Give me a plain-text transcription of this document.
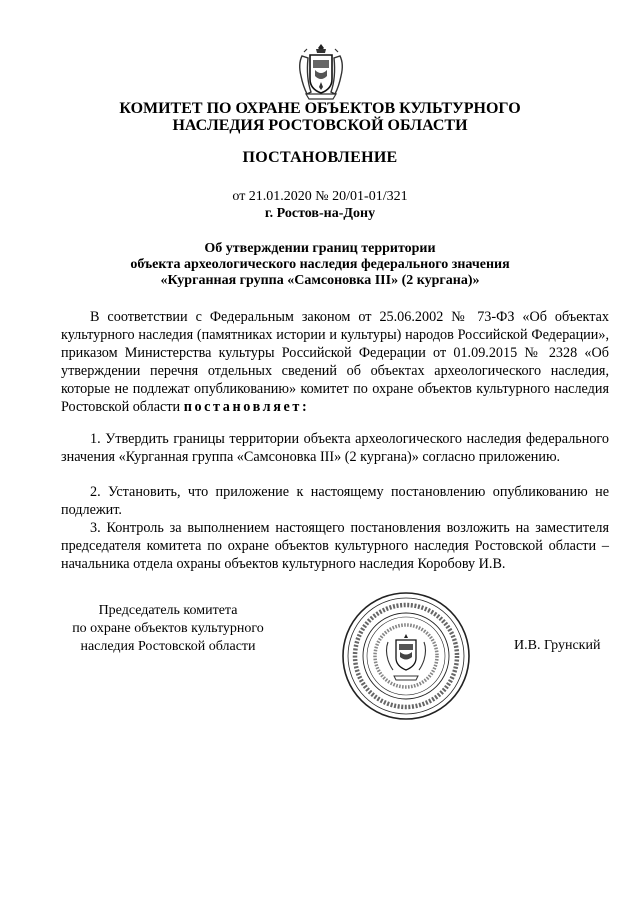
КОМИТЕТ ПО ОХРАНЕ ОБЪЕКТОВ КУЛЬТУРНОГО
НАСЛЕДИЯ РОСТОВСКОЙ ОБЛАСТИ
ПОСТАНОВЛЕНИЕ
от 21.01.2020 № 20/01-01/321
г. Ростов-на-Дону
Об утверждении границ территории
объекта археологического наследия федерального значения
«Курганная группа «Самсоновка III» (2 кургана)»
В соответствии с Федеральным законом от 25.06.2002 № 73-ФЗ «Об объектах культурного наследия (памятниках истории и культуры) народов Российской Федерации», приказом Министерства культуры Российской Федерации от 01.09.2015 № 2328 «Об утверждении перечня отдельных сведений об объектах археологического наследия, которые не подлежат опубликованию» комитет по охране объектов культурного наследия Ростовской области постановляет:
1. Утвердить границы территории объекта археологического наследия федерального значения «Курганная группа «Самсоновка III» (2 кургана)» согласно приложению.
2. Установить, что приложение к настоящему постановлению опубликованию не подлежит.
3. Контроль за выполнением настоящего постановления возложить на заместителя председателя комитета по охране объектов культурного наследия Ростовской области – начальника отдела охраны объектов культурного наследия Коробову И.В.
Председатель комитета
по охране объектов культурного
наследия Ростовской области	И.В. Грунский
